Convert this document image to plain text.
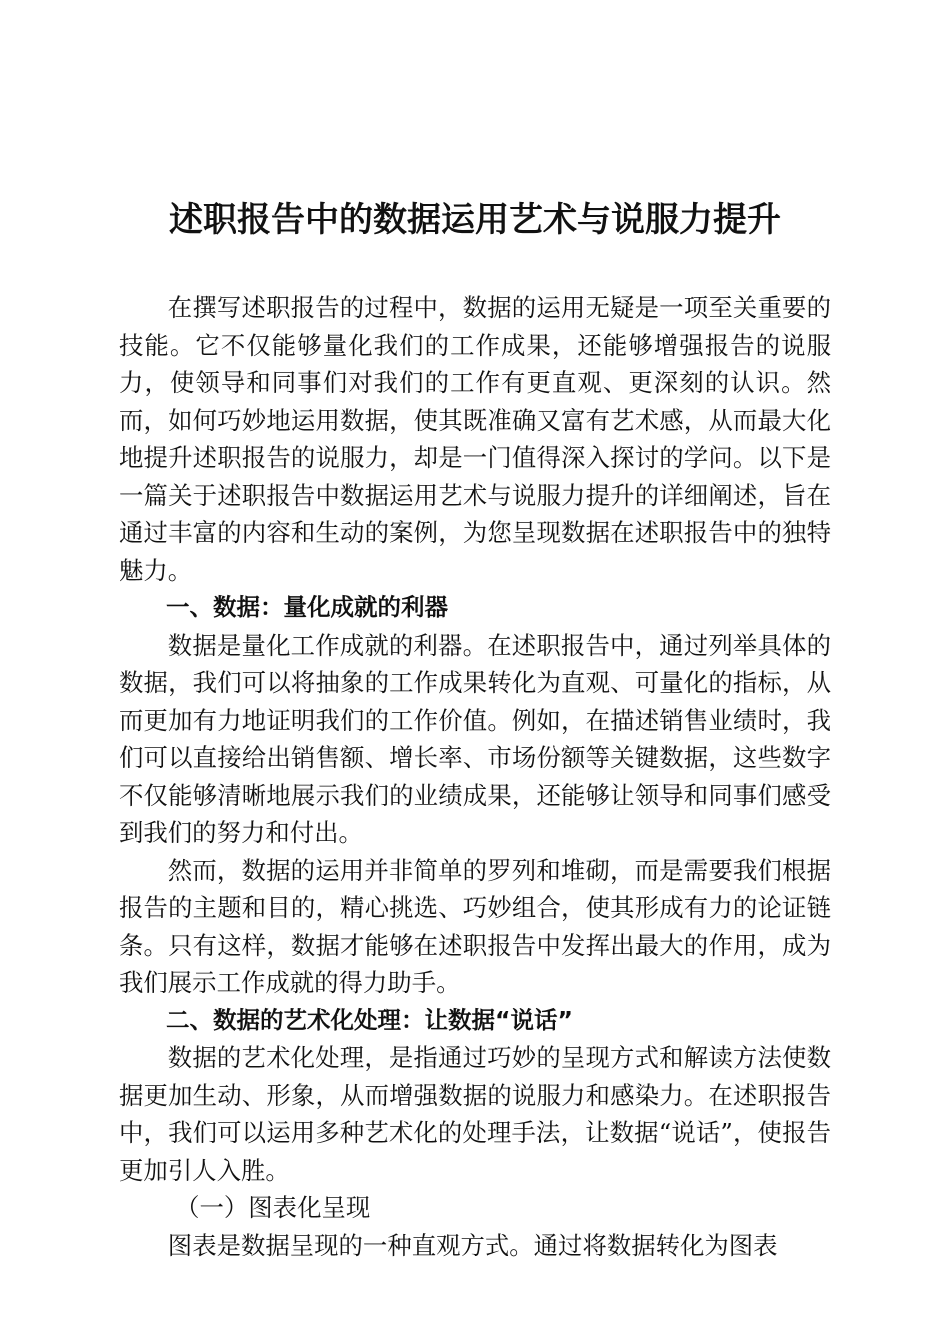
述职报告中的数据运用艺术与说服力提升

在撰写述职报告的过程中，数据的运用无疑是一项至关重要的技能。它不仅能够量化我们的工作成果，还能够增强报告的说服力，使领导和同事们对我们的工作有更直观、更深刻的认识。然而，如何巧妙地运用数据，使其既准确又富有艺术感，从而最大化地提升述职报告的说服力，却是一门值得深入探讨的学问。以下是一篇关于述职报告中数据运用艺术与说服力提升的详细阐述，旨在通过丰富的内容和生动的案例，为您呈现数据在述职报告中的独特魅力。

一、数据：量化成就的利器

数据是量化工作成就的利器。在述职报告中，通过列举具体的数据，我们可以将抽象的工作成果转化为直观、可量化的指标，从而更加有力地证明我们的工作价值。例如，在描述销售业绩时，我们可以直接给出销售额、增长率、市场份额等关键数据，这些数字不仅能够清晰地展示我们的业绩成果，还能够让领导和同事们感受到我们的努力和付出。

然而，数据的运用并非简单的罗列和堆砌，而是需要我们根据报告的主题和目的，精心挑选、巧妙组合，使其形成有力的论证链条。只有这样，数据才能够在述职报告中发挥出最大的作用，成为我们展示工作成就的得力助手。

二、数据的艺术化处理：让数据“说话”

数据的艺术化处理，是指通过巧妙的呈现方式和解读方法使数据更加生动、形象，从而增强数据的说服力和感染力。在述职报告中，我们可以运用多种艺术化的处理手法，让数据“说话”，使报告更加引人入胜。

（一）图表化呈现

图表是数据呈现的一种直观方式。通过将数据转化为图表
